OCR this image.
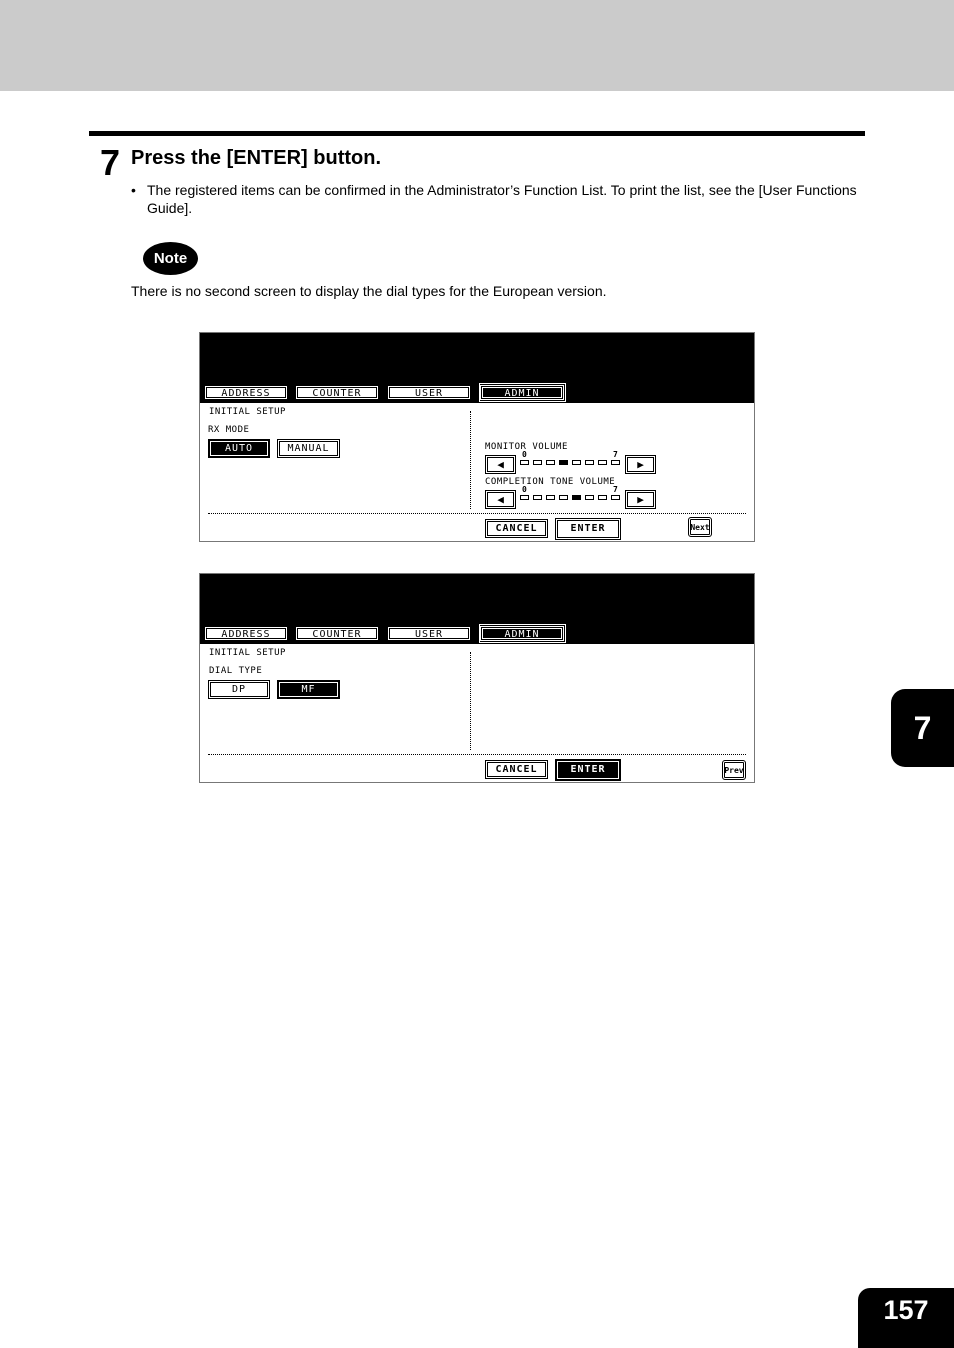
7 Press the [ENTER] button.
• The registered items can be confirmed in the Administrator’s Function List. To print the list, see the [User Functions Guide].
Note
There is no second screen to display the dial types for the European version.
ADDRESS	COUNTER	USER	ADMIN
INITIAL SETUP
RX MODE
AUTO	MANUAL	MONITOR VOLUME
◀
0	7
▶
COMPLETION TONE VOLUME
◀
0	7
▶
CANCEL	ENTER	Next
ADDRESS	COUNTER	USER	ADMIN
INITIAL SETUP
DIAL TYPE
DP	MF
CANCEL	ENTER	Prev
7
157
